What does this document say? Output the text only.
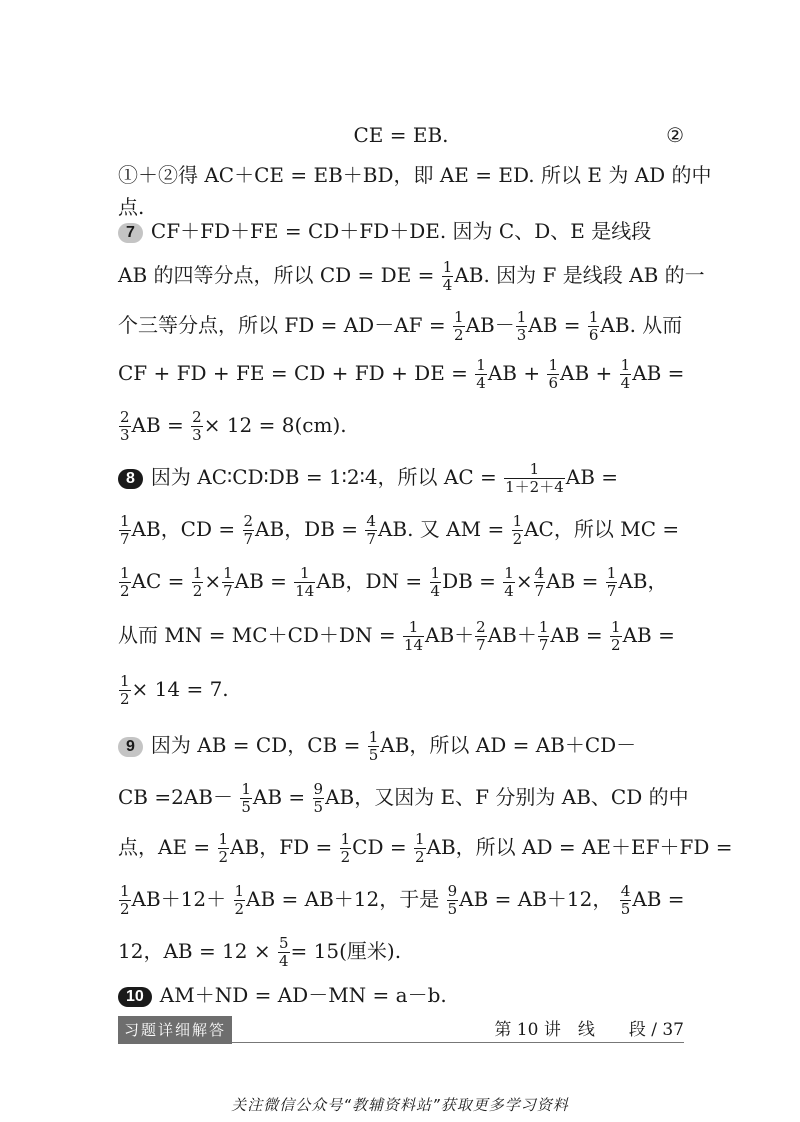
CE = EB.	②
①＋②得 AC＋CE = EB＋BD，即 AE = ED. 所以 E 为 AD 的中
点.
7 CF＋FD＋FE = CD＋FD＋DE. 因为 C、D、E 是线段
AB 的四等分点，所以 CD = DE = $\frac{1}{4}$ AB. 因为 F 是线段 AB 的一
个三等分点，所以 FD = $AD-AF = \frac{1}{2} AB- \frac{1}{3}$ AB = $\frac{1}{6}$ AB. 从而
CF + FD + FE = CD + FD + DE = $\frac{1}{4}$ AB + $\frac{1}{6}$ AB + $\frac{1}{4}$ AB =
$\frac{2}{3}$ AB = $\frac{2}{3} \times 12 = 8(cm)$.
8 因为 AC∶CD∶DB = 1∶2∶4，所以 AC = $\frac{1}{1+2+4}$ AB =
$\frac{1}{7}$ AB，CD = $\frac{2}{7}$ AB，DB = $\frac{4}{7}$ AB. 又 AM = $\frac{1}{2}$ AC，所以 MC =
$\frac{1}{2}$ AC = $\frac{1}{2} \times \frac{1}{7}$ AB = $\frac{1}{14}$ AB，DN = $\frac{1}{4}$ DB = $\frac{1}{4} \times \frac{4}{7}$ AB = $\frac{1}{7}$ AB，
从而 MN = $MC+CD+DN = \frac{1}{14} AB+ \frac{2}{7} AB+ \frac{1}{7}$ AB = $\frac{1}{2}$ AB =
$\frac{1}{2} \times 14 = 7$.
9 因为 AB = CD，CB = $\frac{1}{5}$ AB，所以 AD = AB＋CD－
CB $=2AB- \frac{1}{5}$ AB = $\frac{9}{5}$ AB，又因为 E、F 分别为 AB、CD 的中
点，AE = $\frac{1}{2}$ AB，FD = $\frac{1}{2}$ CD = $\frac{1}{2}$ AB，所以 AD = AE＋EF＋FD =
$\frac{1}{2} AB+12+ \frac{1}{2}$ AB = AB＋12，于是 $\frac{9}{5}$ AB = AB＋12， $\frac{4}{5}$ AB =
12，AB = $12 \times \frac{5}{4} = 15$(厘米).
10 AM＋ND = AD－MN = a－b.
习题详细解答	第 10 讲　线　　段 / 37
关注微信公众号“教辅资料站”获取更多学习资料
